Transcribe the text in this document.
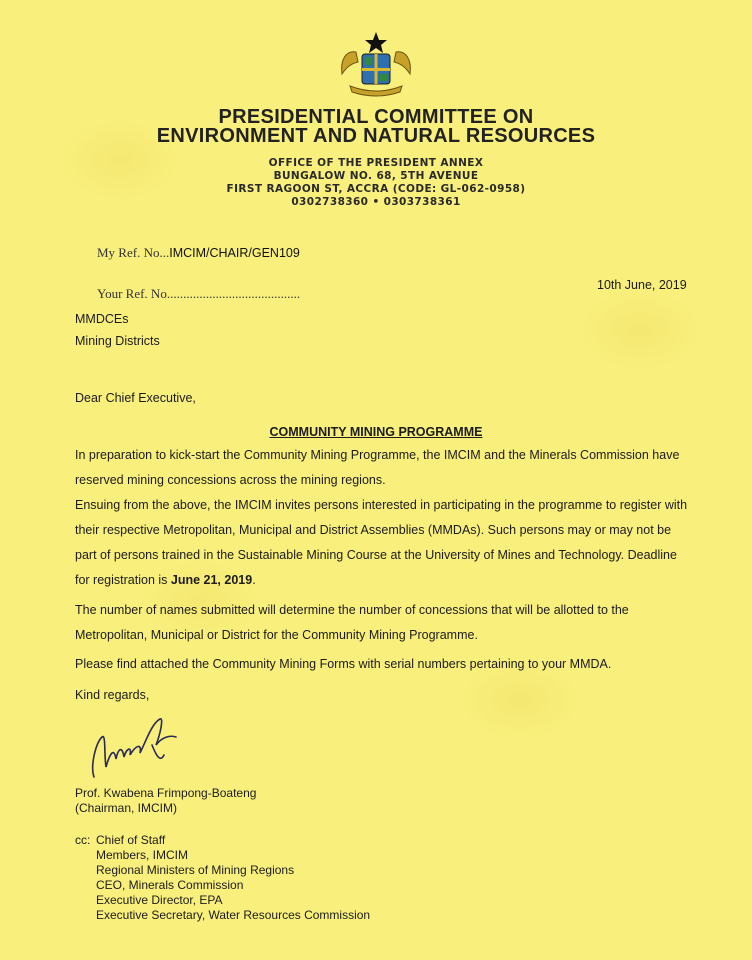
PRESIDENTIAL COMMITTEE ON
ENVIRONMENT AND NATURAL RESOURCES
OFFICE OF THE PRESIDENT ANNEX
BUNGALOW NO. 68, 5TH AVENUE
FIRST RAGOON ST, ACCRA (CODE: GL-062-0958)
0302738360 • 0303738361
My Ref. No...IMCIM/CHAIR/GEN109
Your Ref. No.........................................
10th June, 2019
MMDCEs
Mining Districts
Dear Chief Executive,
COMMUNITY MINING PROGRAMME

In preparation to kick-start the Community Mining Programme, the IMCIM and the Minerals Commission have reserved mining concessions across the mining regions.

Ensuing from the above, the IMCIM invites persons interested in participating in the programme to register with their respective Metropolitan, Municipal and District Assemblies (MMDAs). Such persons may or may not be part of persons trained in the Sustainable Mining Course at the University of Mines and Technology. Deadline for registration is June 21, 2019.

The number of names submitted will determine the number of concessions that will be allotted to the Metropolitan, Municipal or District for the Community Mining Programme.

Please find attached the Community Mining Forms with serial numbers pertaining to your MMDA.

Kind regards,
Prof. Kwabena Frimpong-Boateng
(Chairman, IMCIM)
cc: Chief of Staff
Members, IMCIM
Regional Ministers of Mining Regions
CEO, Minerals Commission
Executive Director, EPA
Executive Secretary, Water Resources Commission
